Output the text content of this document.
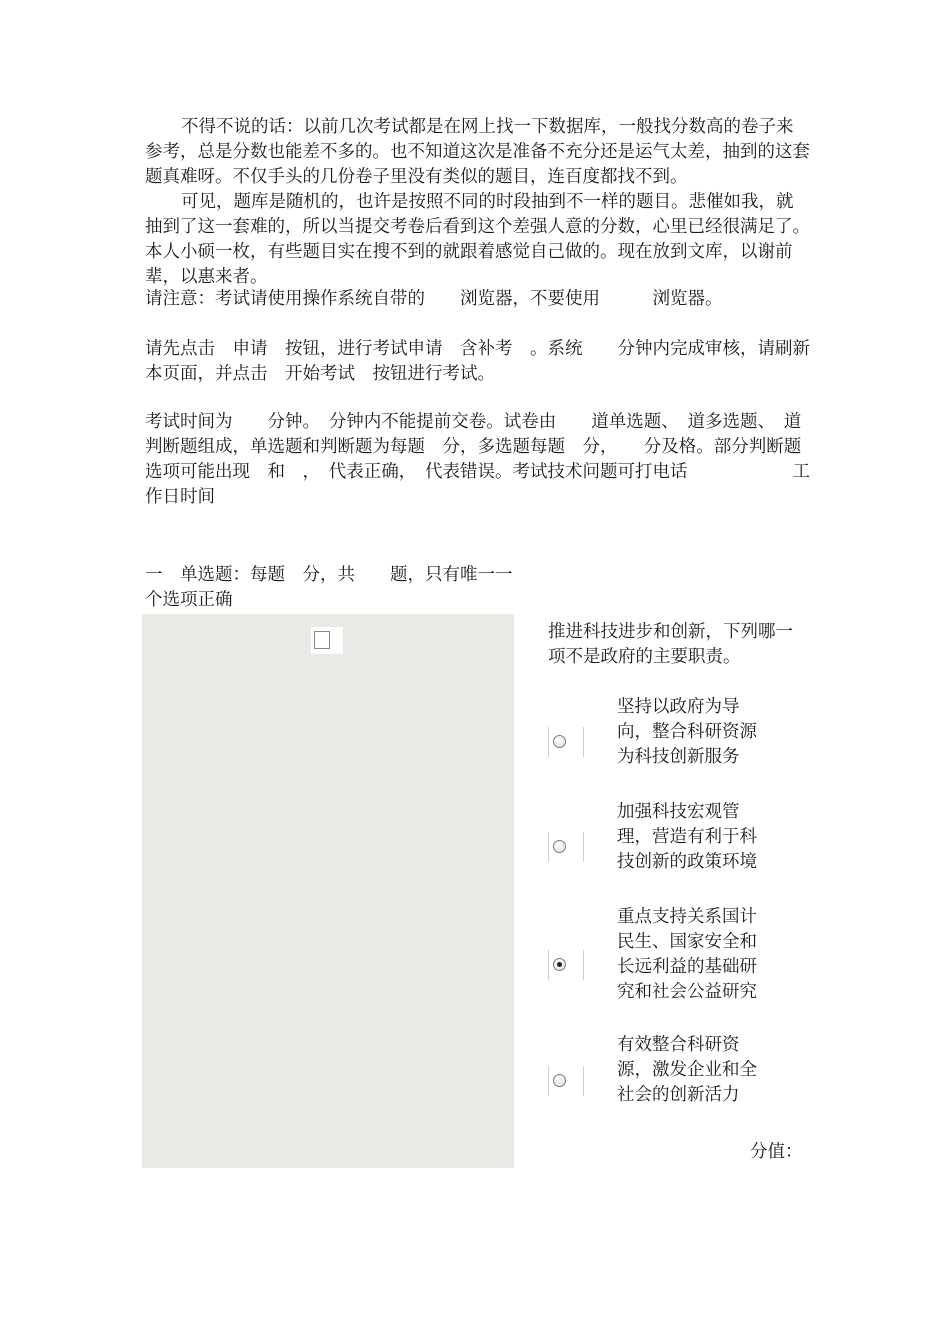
不得不说的话：以前几次考试都是在网上找一下数据库，一般找分数高的卷子来参考，总是分数也能差不多的。也不知道这次是准备不充分还是运气太差，抽到的这套题真难呀。不仅手头的几份卷子里没有类似的题目，连百度都找不到。

可见，题库是随机的，也许是按照不同的时段抽到不一样的题目。悲催如我，就抽到了这一套难的，所以当提交考卷后看到这个差强人意的分数，心里已经很满足了。本人小硕一枚，有些题目实在搜不到的就跟着感觉自己做的。现在放到文库，以谢前辈，以惠来者。

请注意：考试请使用操作系统自带的　　浏览器，不要使用　　　浏览器。

请先点击　申请　按钮，进行考试申请　含补考　。系统　　分钟内完成审核，请刷新本页面，并点击　开始考试　按钮进行考试。

考试时间为　　分钟。　分钟内不能提前交卷。试卷由　　道单选题、　道多选题、　道判断题组成，单选题和判断题为每题　分，多选题每题　分，　　分及格。部分判断题选项可能出现　和　，　代表正确，　代表错误。考试技术问题可打电话　　　　　　工作日时间

一　单选题：每题　分，共　　题，只有唯一一个选项正确

推进科技进步和创新，下列哪一项不是政府的主要职责。
坚持以政府为导向，整合科研资源为科技创新服务
加强科技宏观管理，营造有利于科技创新的政策环境
重点支持关系国计民生、国家安全和长远利益的基础研究和社会公益研究
有效整合科研资源，激发企业和全社会的创新活力
分值：
